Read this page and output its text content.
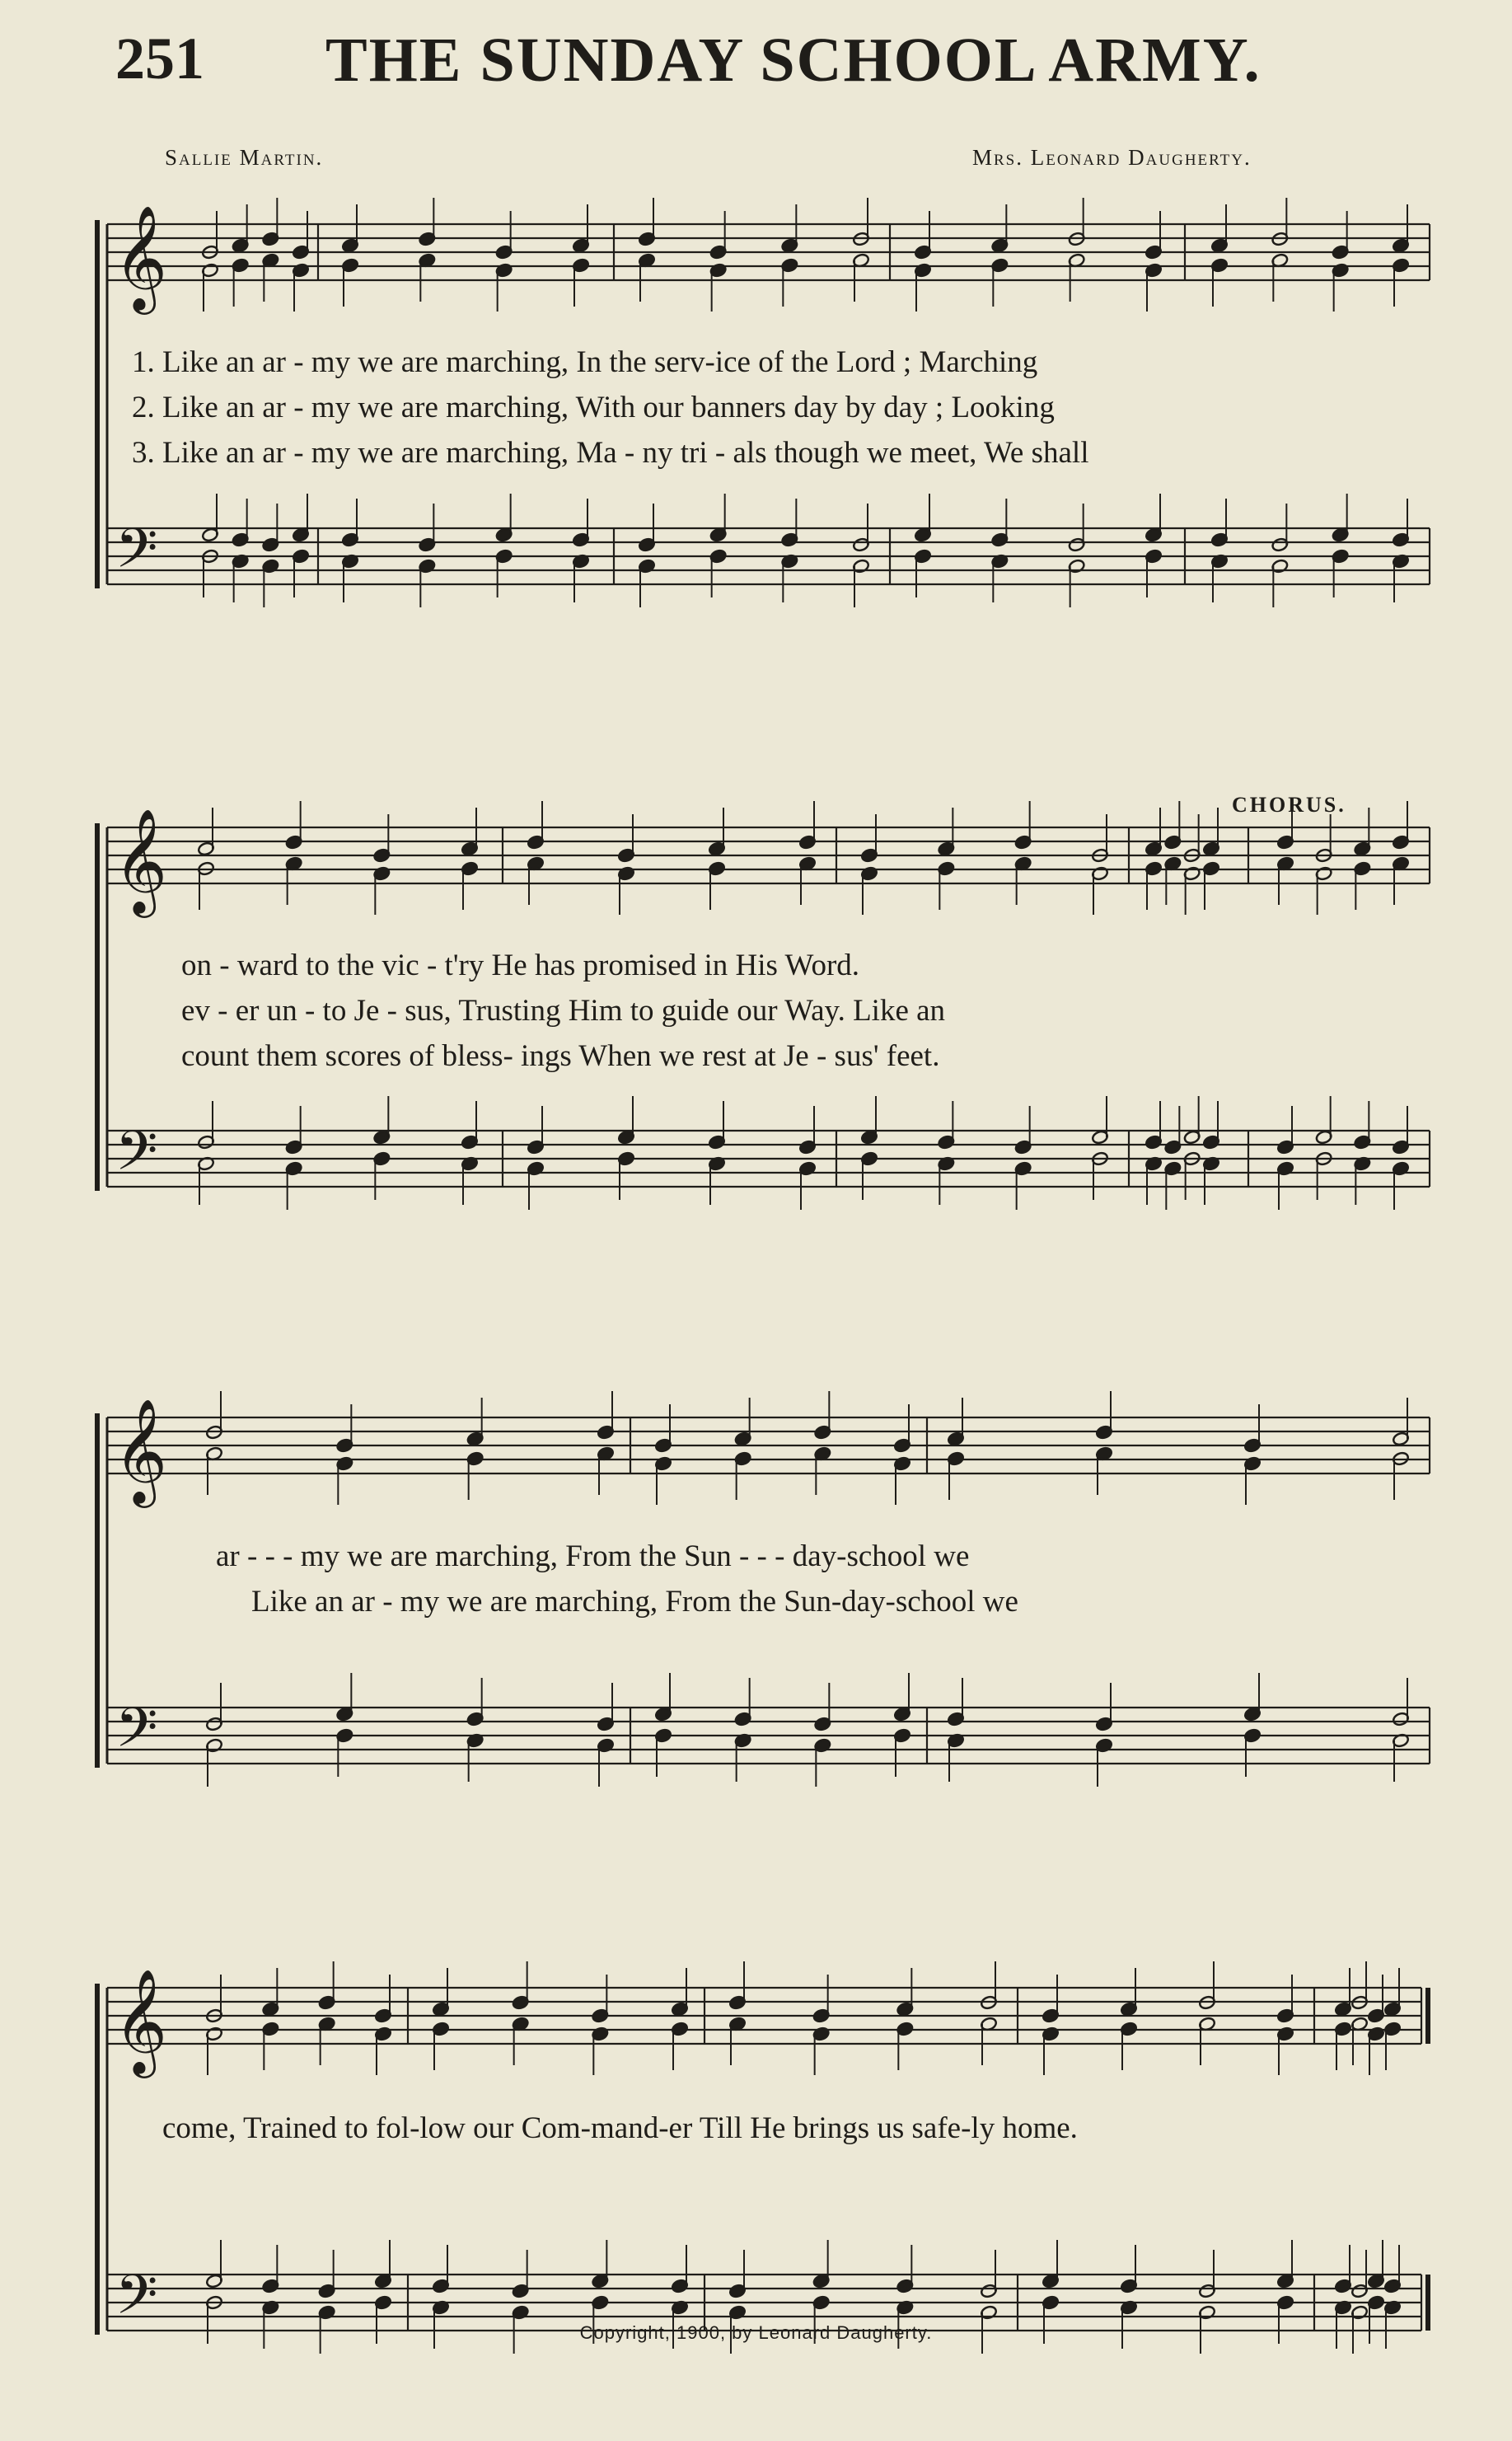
251 THE SUNDAY SCHOOL ARMY.
Sallie Martin.	Mrs. Leonard Daugherty.
𝄞
𝄢
𝄞
𝄢
𝄞
𝄢
𝄞
𝄢
1. Like an ar - my we are marching, In the serv-ice of the Lord ; Marching
2. Like an ar - my we are marching, With our banners day by day ; Looking
3. Like an ar - my we are marching, Ma - ny tri - als though we meet, We shall
CHORUS.
on - ward to the vic - t'ry He has promised in His Word.
ev - er un - to Je - sus, Trusting Him to guide our Way. Like an
count them scores of bless- ings When we rest at Je - sus' feet.
ar - - - my we are marching, From the Sun - - - day-school we
Like an ar - my we are marching, From the Sun-day-school we
come, Trained to fol-low our Com-mand-er Till He brings us safe-ly home.
Copyright, 1900, by Leonard Daugherty.
